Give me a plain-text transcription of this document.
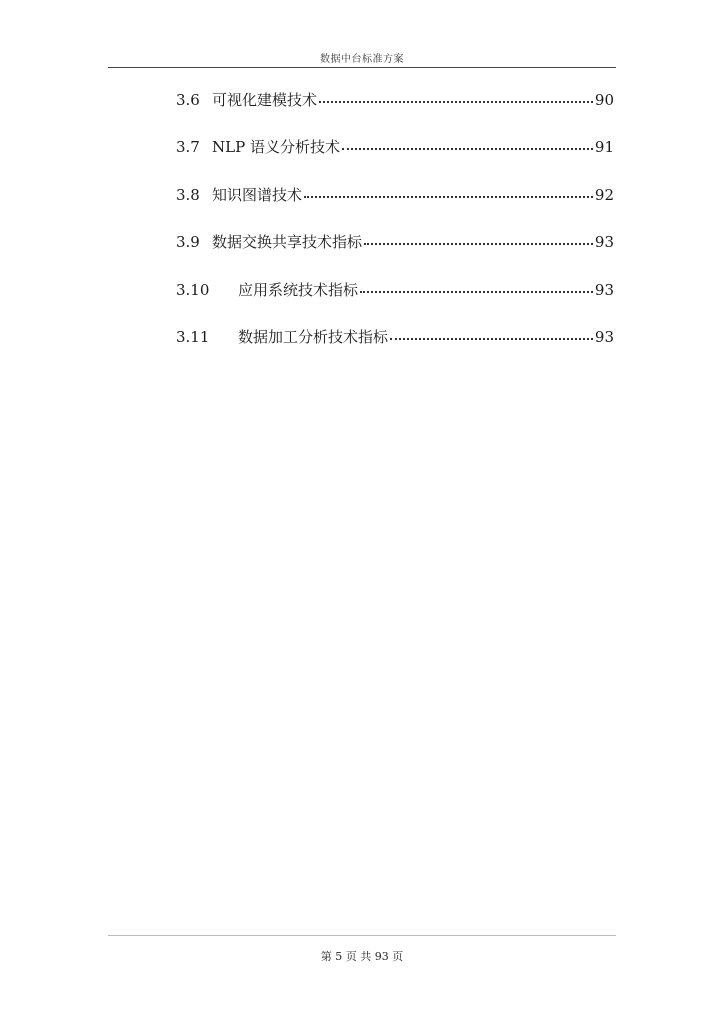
数据中台标准方案
3.6 可视化建模技术	90
3.7 NLP 语义分析技术	91
3.8 知识图谱技术	92
3.9 数据交换共享技术指标	93
3.10	应用系统技术指标	93
3.11	数据加工分析技术指标	93
第 5 页 共 93 页
